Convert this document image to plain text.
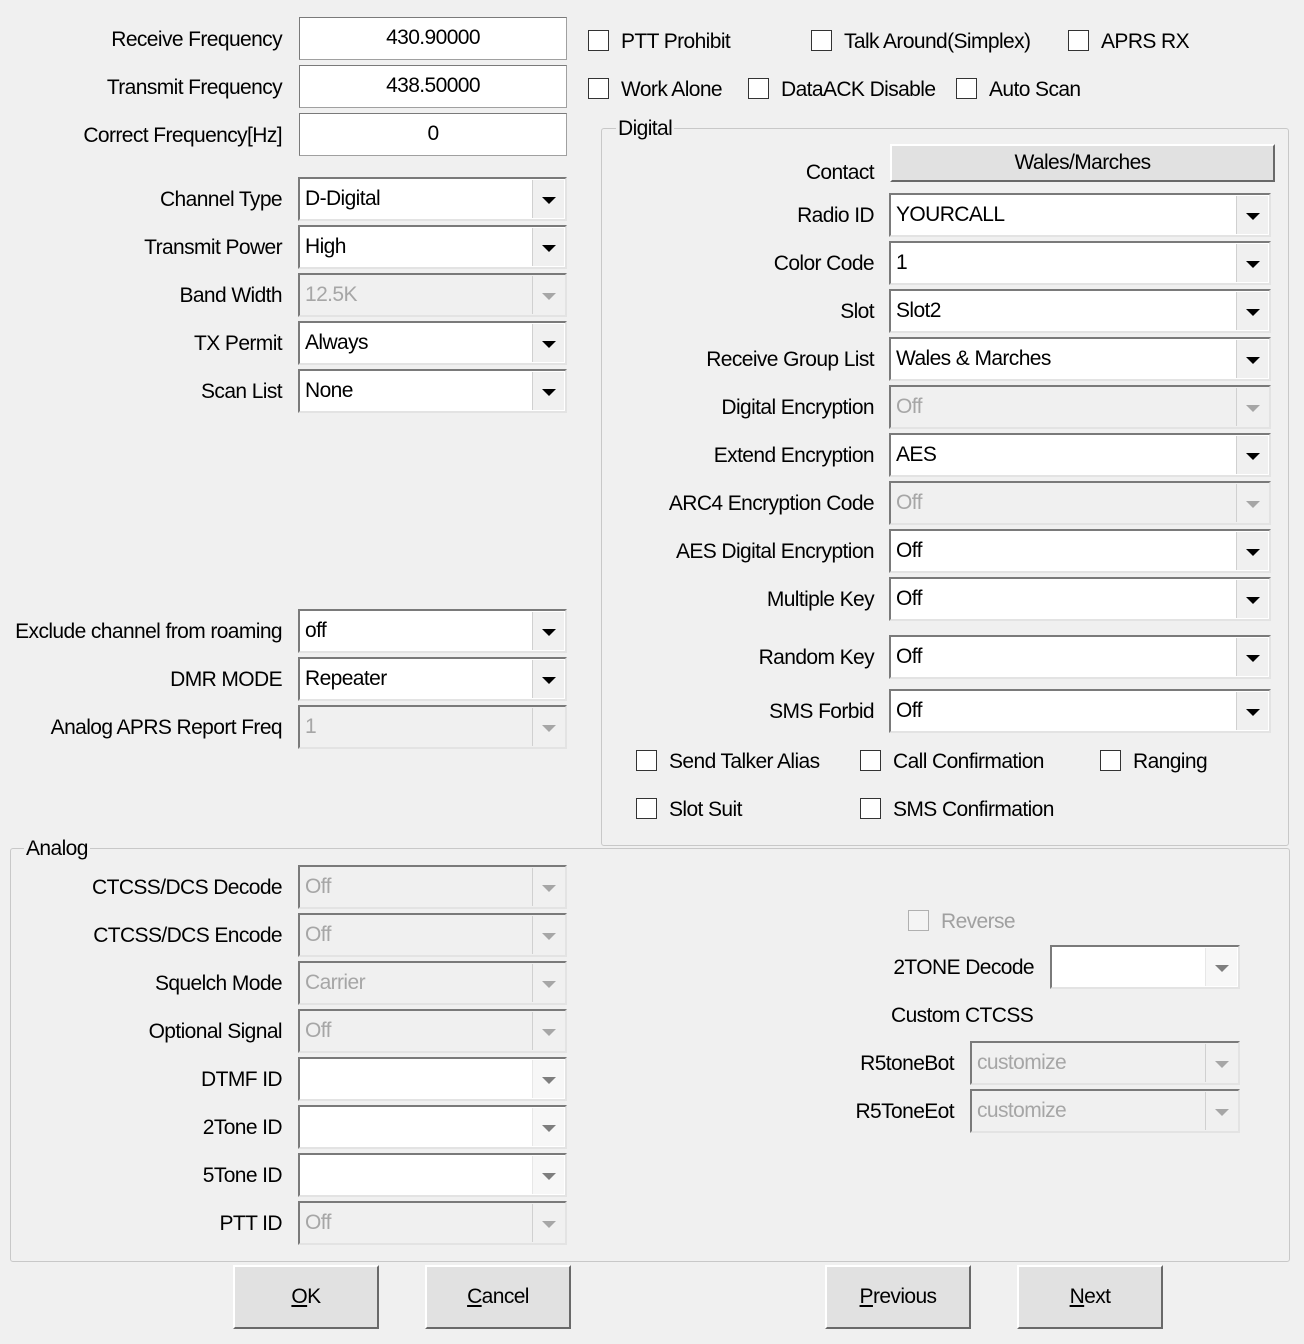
Receive Frequency	430.90000
Transmit Frequency	438.50000
Correct Frequency[Hz]	0
Channel Type D-Digital
Transmit Power High
Band Width 12.5K
TX Permit Always
Scan List None
Exclude channel from roaming off
DMR MODE Repeater
Analog APRS Report Freq 1
PTT Prohibit	Talk Around(Simplex)	APRS RX
Work Alone	DataACK Disable	Auto Scan
Digital
Contact	Wales/Marches
Radio ID YOURCALL
Color Code 1
Slot Slot2
Receive Group List Wales & Marches
Digital Encryption Off
Extend Encryption AES
ARC4 Encryption Code Off
AES Digital Encryption Off
Multiple Key Off
Random Key Off
SMS Forbid Off
Send Talker Alias	Call Confirmation	Ranging
Slot Suit	SMS Confirmation
Analog
CTCSS/DCS Decode Off
CTCSS/DCS Encode Off
Squelch Mode Carrier
Optional Signal Off
DTMF ID
2Tone ID
5Tone ID
PTT ID Off
Reverse
2TONE Decode
Custom CTCSS
R5toneBot customize
R5ToneEot customize
OK	Cancel	Previous	Next
